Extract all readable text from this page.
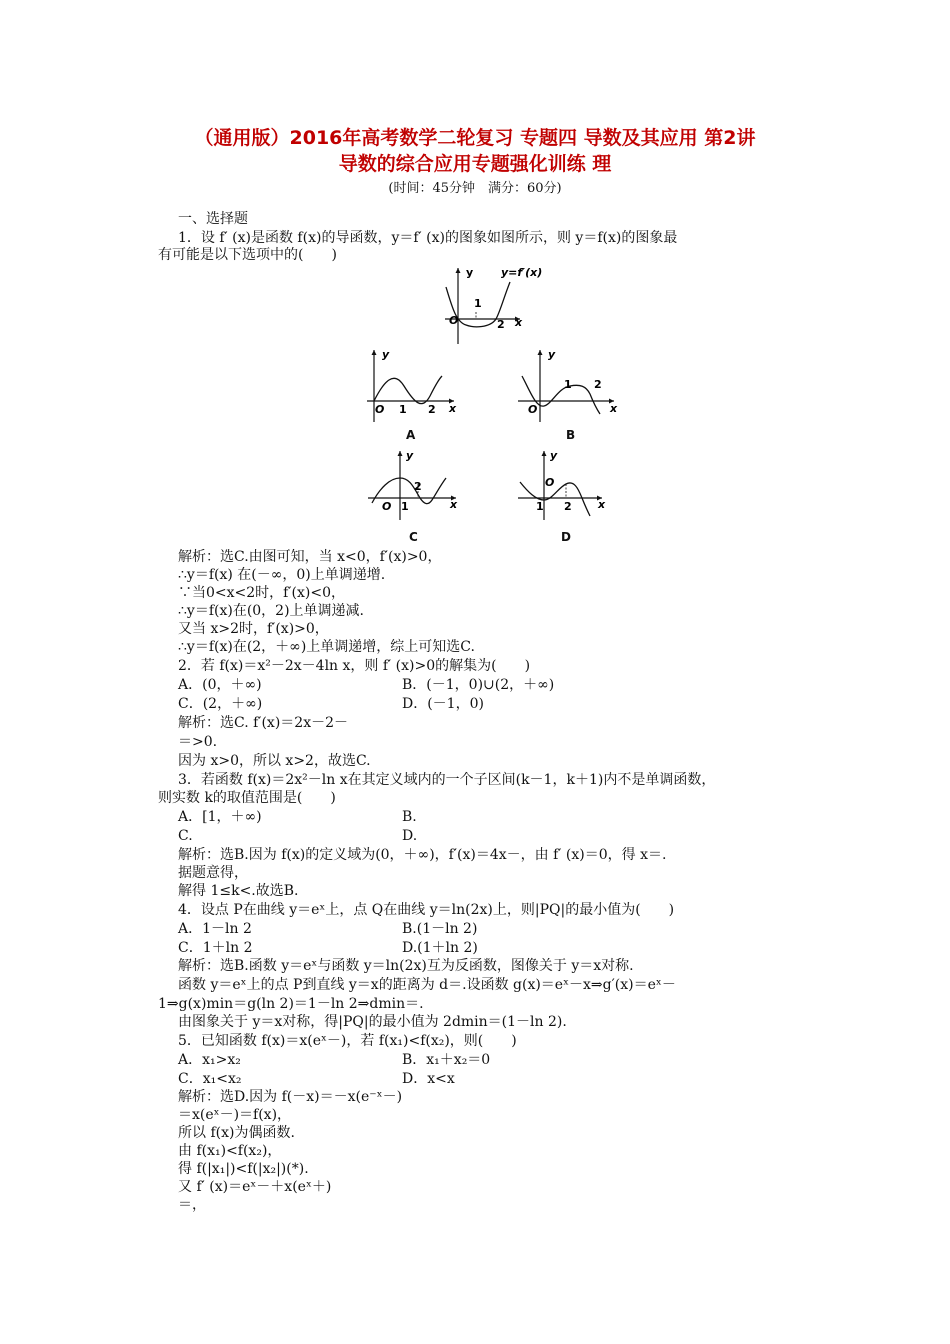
（通用版）2016年高考数学二轮复习 专题四 导数及其应用 第2讲
导数的综合应用专题强化训练 理
(时间：45分钟　满分：60分)
一、选择题
1．设 f′ (x)是函数 f(x)的导函数，y＝f′ (x)的图象如图所示，则 y＝f(x)的图象最
有可能是以下选项中的(　　)
y	y=f′(x)
1
O	2 x
y
O 1 2 x
A
y
O
1 2
x
B
y
O 1
2
x
C
y
O
1 2 x
D
解析：选C.由图可知，当 x<0，f′(x)>0，
∴y＝f(x) 在(－∞，0)上单调递增.
∵当0<x<2时，f′(x)<0，
∴y＝f(x)在(0，2)上单调递减.
又当 x>2时，f′(x)>0，
∴y＝f(x)在(2，＋∞)上单调递增，综上可知选C.
2．若 f(x)＝x²－2x－4ln x，则 f′ (x)>0的解集为(　　)
A．(0，＋∞)	B．(－1，0)∪(2，＋∞)
C．(2，＋∞)	D．(－1，0)
解析：选C. f′(x)＝2x－2－
＝>0.
因为 x>0，所以 x>2，故选C.
3．若函数 f(x)＝2x²－ln x在其定义域内的一个子区间(k－1，k＋1)内不是单调函数，
则实数 k的取值范围是(　　)
A．[1，＋∞)	B.
C.	D.
解析：选B.因为 f(x)的定义域为(0，＋∞)，f′(x)＝4x－，由 f′ (x)＝0，得 x＝.
据题意得，
解得 1≤k<.故选B.
4．设点 P在曲线 y＝eˣ上，点 Q在曲线 y＝ln(2x)上，则|PQ|的最小值为(　　)
A．1－ln 2	B.(1－ln 2)
C．1＋ln 2	D.(1＋ln 2)
解析：选B.函数 y＝eˣ与函数 y＝ln(2x)互为反函数，图像关于 y＝x对称.
函数 y＝eˣ上的点 P到直线 y＝x的距离为 d＝.设函数 g(x)＝eˣ－x⇒g′(x)＝eˣ－
1⇒g(x)min＝g(ln 2)＝1－ln 2⇒dmin＝.
由图象关于 y＝x对称，得|PQ|的最小值为 2dmin＝(1－ln 2).
5．已知函数 f(x)＝x(eˣ－)，若 f(x₁)<f(x₂)，则(　　)
A．x₁>x₂	B．x₁＋x₂＝0
C．x₁<x₂	D．x<x
解析：选D.因为 f(－x)＝－x(e⁻ˣ－)
＝x(eˣ－)＝f(x)，
所以 f(x)为偶函数.
由 f(x₁)<f(x₂)，
得 f(|x₁|)<f(|x₂|)(*).
又 f′ (x)＝eˣ－＋x(eˣ＋)
＝，
